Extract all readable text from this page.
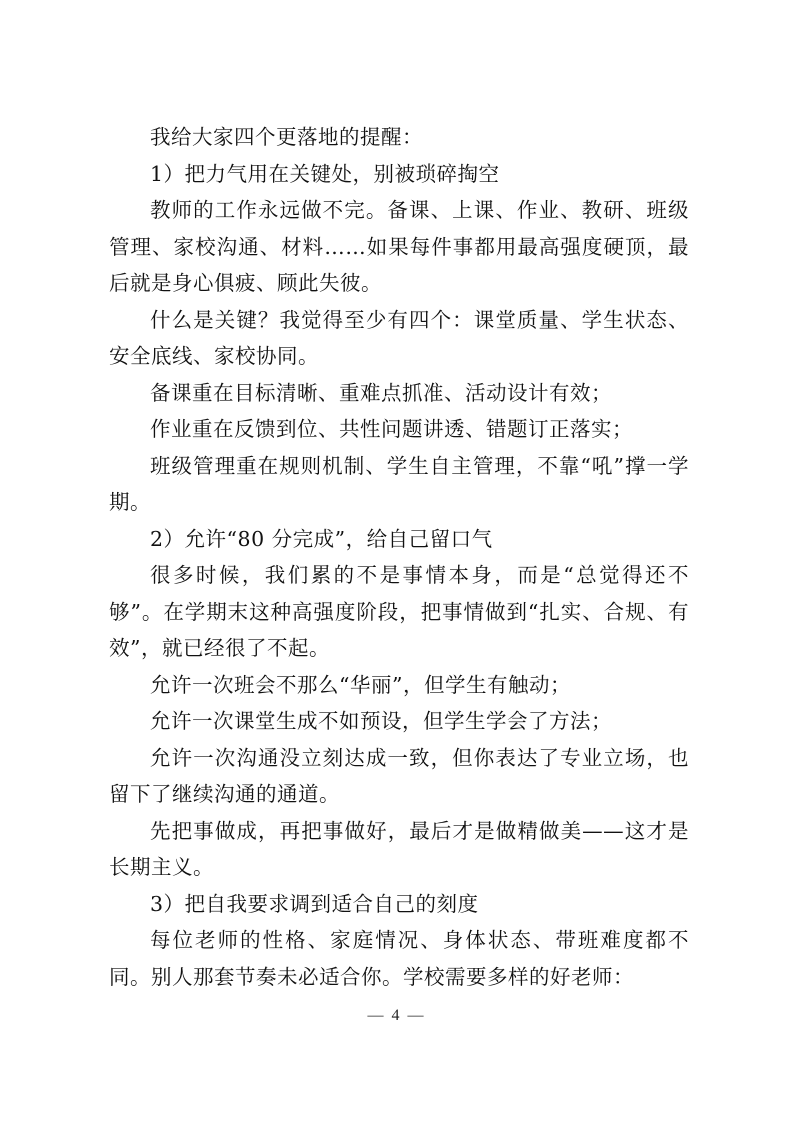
我给大家四个更落地的提醒：

1）把力气用在关键处，别被琐碎掏空

教师的工作永远做不完。备课、上课、作业、教研、班级管理、家校沟通、材料……如果每件事都用最高强度硬顶，最后就是身心俱疲、顾此失彼。

什么是关键？我觉得至少有四个：课堂质量、学生状态、安全底线、家校协同。

备课重在目标清晰、重难点抓准、活动设计有效；

作业重在反馈到位、共性问题讲透、错题订正落实；

班级管理重在规则机制、学生自主管理，不靠“吼”撑一学期。

2）允许“80 分完成”，给自己留口气

很多时候，我们累的不是事情本身，而是“总觉得还不够”。在学期末这种高强度阶段，把事情做到“扎实、合规、有效”，就已经很了不起。

允许一次班会不那么“华丽”，但学生有触动；

允许一次课堂生成不如预设，但学生学会了方法；

允许一次沟通没立刻达成一致，但你表达了专业立场，也留下了继续沟通的通道。

先把事做成，再把事做好，最后才是做精做美——这才是长期主义。

3）把自我要求调到适合自己的刻度

每位老师的性格、家庭情况、身体状态、带班难度都不同。别人那套节奏未必适合你。学校需要多样的好老师：

— 4 —
